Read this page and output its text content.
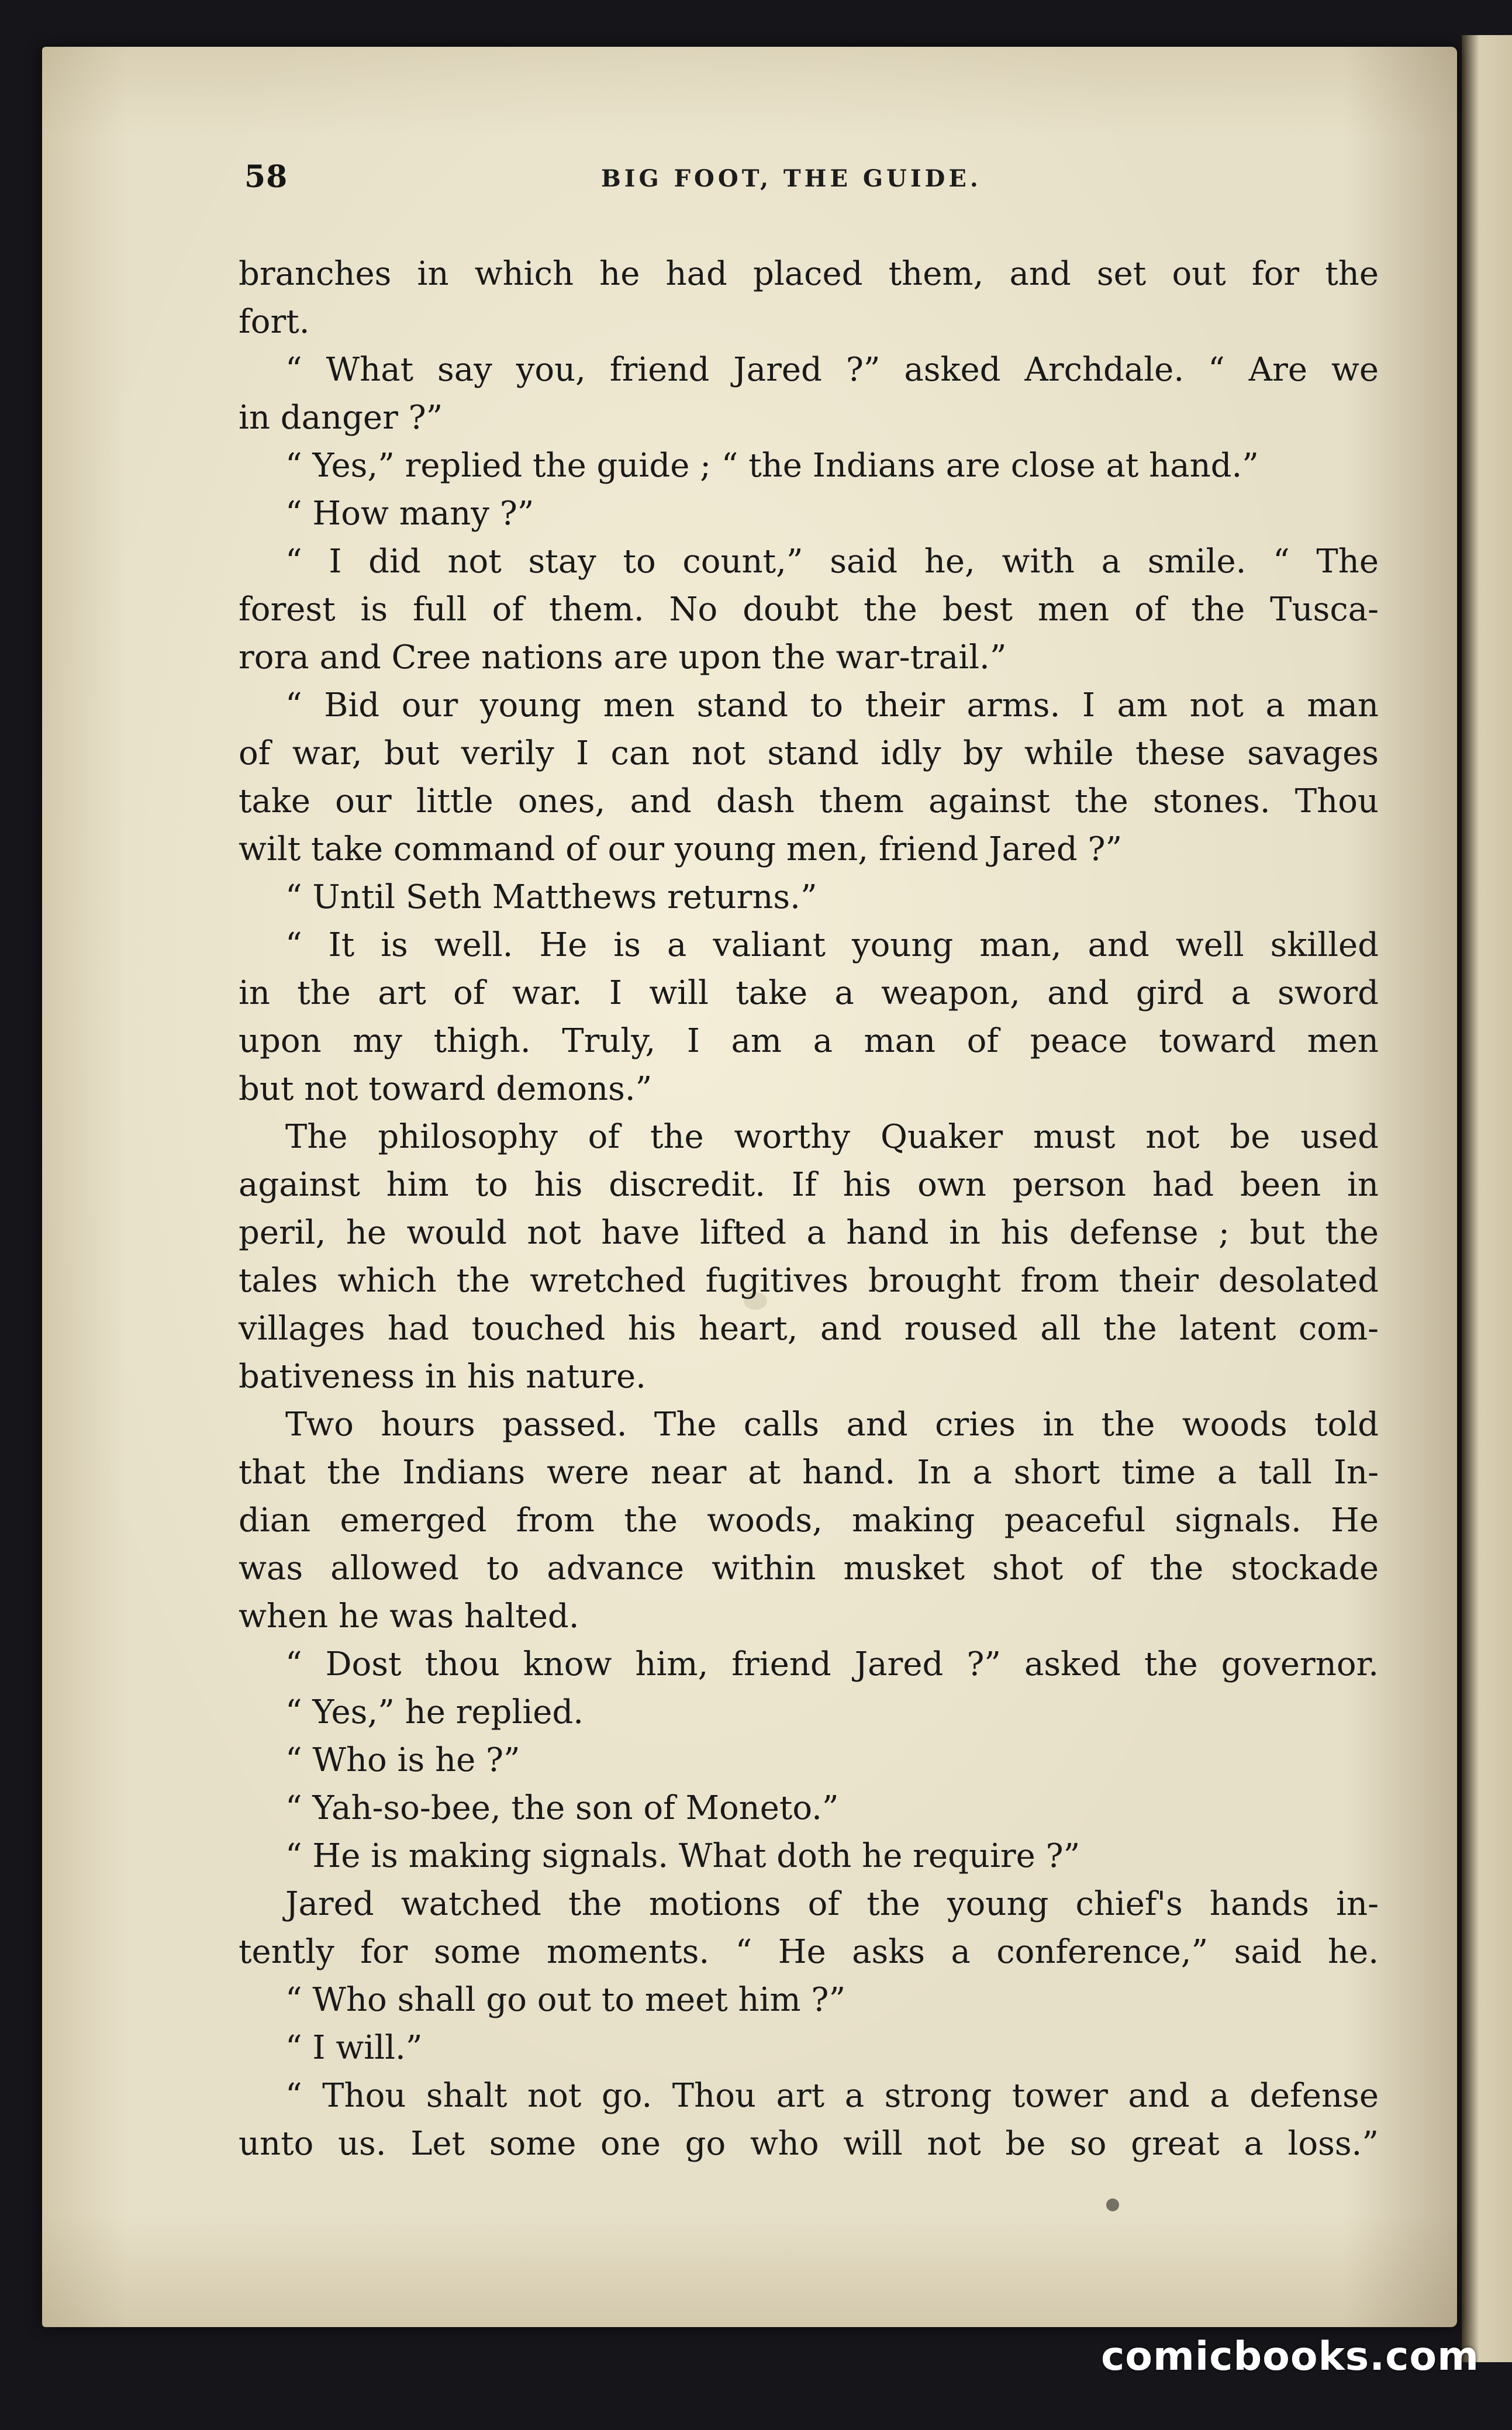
58	BIG FOOT, THE GUIDE.
branches in which he had placed them, and set out for the
fort.
“ What say you, friend Jared ?” asked Archdale. “ Are we
in danger ?”
“ Yes,” replied the guide ; “ the Indians are close at hand.”
“ How many ?”
“ I did not stay to count,” said he, with a smile. “ The
forest is full of them. No doubt the best men of the Tusca-
rora and Cree nations are upon the war-trail.”
“ Bid our young men stand to their arms. I am not a man
of war, but verily I can not stand idly by while these savages
take our little ones, and dash them against the stones. Thou
wilt take command of our young men, friend Jared ?”
“ Until Seth Matthews returns.”
“ It is well. He is a valiant young man, and well skilled
in the art of war. I will take a weapon, and gird a sword
upon my thigh. Truly, I am a man of peace toward men
but not toward demons.”
The philosophy of the worthy Quaker must not be used
against him to his discredit. If his own person had been in
peril, he would not have lifted a hand in his defense ; but the
tales which the wretched fugitives brought from their desolated
villages had touched his heart, and roused all the latent com-
bativeness in his nature.
Two hours passed. The calls and cries in the woods told
that the Indians were near at hand. In a short time a tall In-
dian emerged from the woods, making peaceful signals. He
was allowed to advance within musket shot of the stockade
when he was halted.
“ Dost thou know him, friend Jared ?” asked the governor.
“ Yes,” he replied.
“ Who is he ?”
“ Yah-so-bee, the son of Moneto.”
“ He is making signals. What doth he require ?”
Jared watched the motions of the young chief's hands in-
tently for some moments. “ He asks a conference,” said he.
“ Who shall go out to meet him ?”
“ I will.”
“ Thou shalt not go. Thou art a strong tower and a defense
unto us. Let some one go who will not be so great a loss.”
comicbooks.com
